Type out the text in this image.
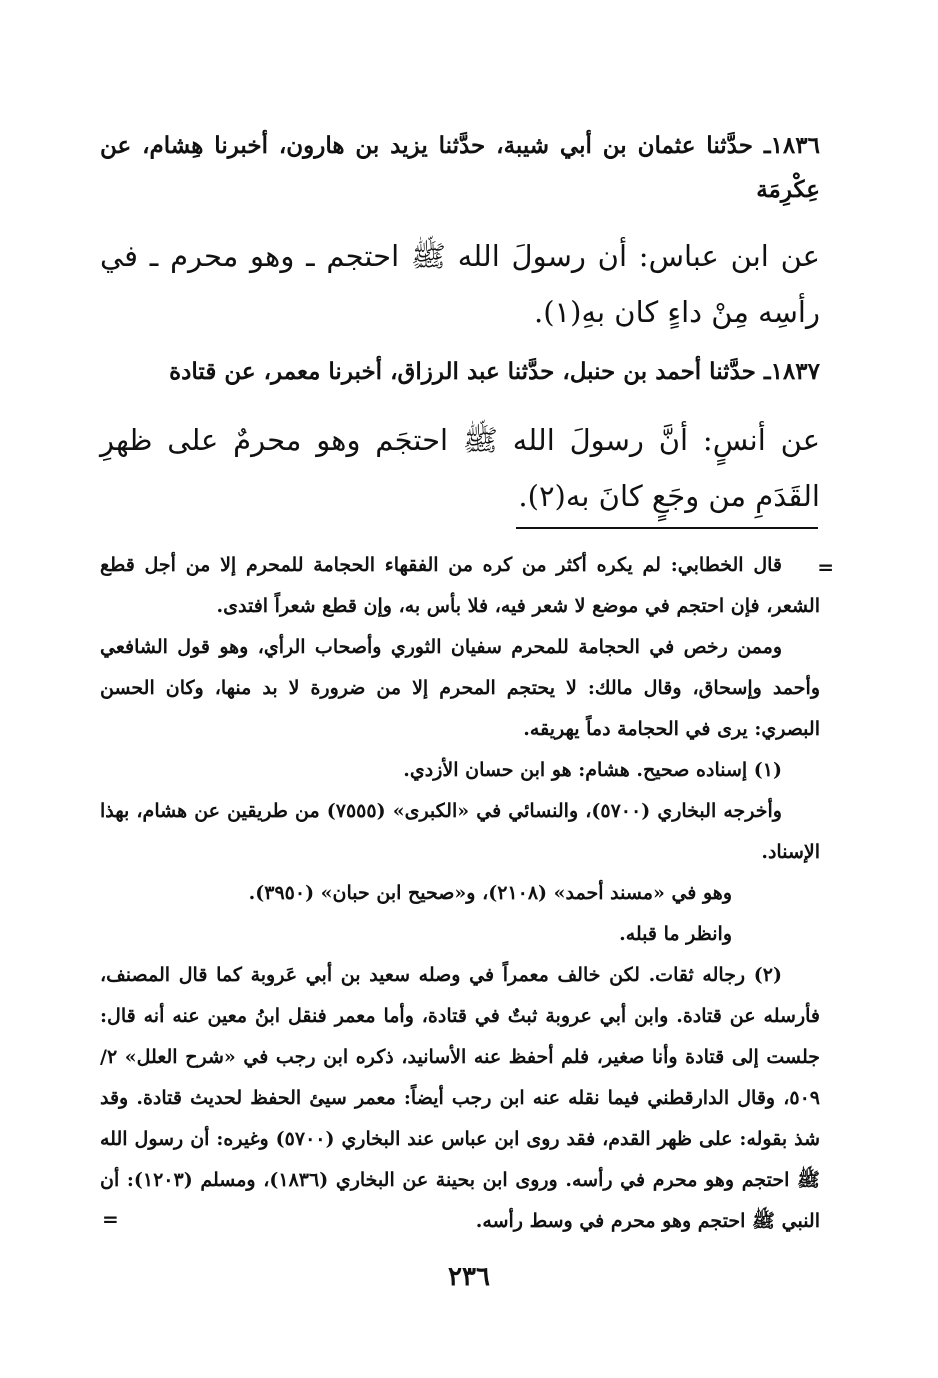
١٨٣٦ـ حدَّثنا عثمان بن أبي شيبة، حدَّثنا يزيد بن هارون، أخبرنا هِشام، عن عِكْرِمَة
عن ابن عباس: أن رسولَ الله ﷺ احتجم ـ وهو محرم ـ في رأسِه مِنْ داءٍ كان بهِ(١).
١٨٣٧ـ حدَّثنا أحمد بن حنبل، حدَّثنا عبد الرزاق، أخبرنا معمر، عن قتادة
عن أنسٍ: أنَّ رسولَ الله ﷺ احتجَم وهو محرمٌ على ظهرِ القَدَمِ من وجَعٍ كانَ به(٢).
=

قال الخطابي: لم يكره أكثر من كره من الفقهاء الحجامة للمحرم إلا من أجل قطع الشعر، فإن احتجم في موضع لا شعر فيه، فلا بأس به، وإن قطع شعراً افتدى.

وممن رخص في الحجامة للمحرم سفيان الثوري وأصحاب الرأي، وهو قول الشافعي وأحمد وإسحاق، وقال مالك: لا يحتجم المحرم إلا من ضرورة لا بد منها، وكان الحسن البصري: يرى في الحجامة دماً يهريقه.

(١) إسناده صحيح. هشام: هو ابن حسان الأزدي.

وأخرجه البخاري (٥٧٠٠)، والنسائي في «الكبرى» (٧٥٥٥) من طريقين عن هشام، بهذا الإسناد.

وهو في «مسند أحمد» (٢١٠٨)، و«صحيح ابن حبان» (٣٩٥٠).

وانظر ما قبله.

(٢) رجاله ثقات. لكن خالف معمراً في وصله سعيد بن أبي عَروبة كما قال المصنف، فأرسله عن قتادة. وابن أبي عروبة ثبتٌ في قتادة، وأما معمر فنقل ابنُ معين عنه أنه قال: جلست إلى قتادة وأنا صغير، فلم أحفظ عنه الأسانيد، ذكره ابن رجب في «شرح العلل» ٢/ ٥٠٩، وقال الدارقطني فيما نقله عنه ابن رجب أيضاً: معمر سيئ الحفظ لحديث قتادة. وقد شذ بقوله: على ظهر القدم، فقد روى ابن عباس عند البخاري (٥٧٠٠) وغيره: أن رسول الله ﷺ احتجم وهو محرم في رأسه. وروى ابن بحينة عن البخاري (١٨٣٦)، ومسلم (١٢٠٣): أن النبي ﷺ احتجم وهو محرم في وسط رأسه.

=
٢٣٦
